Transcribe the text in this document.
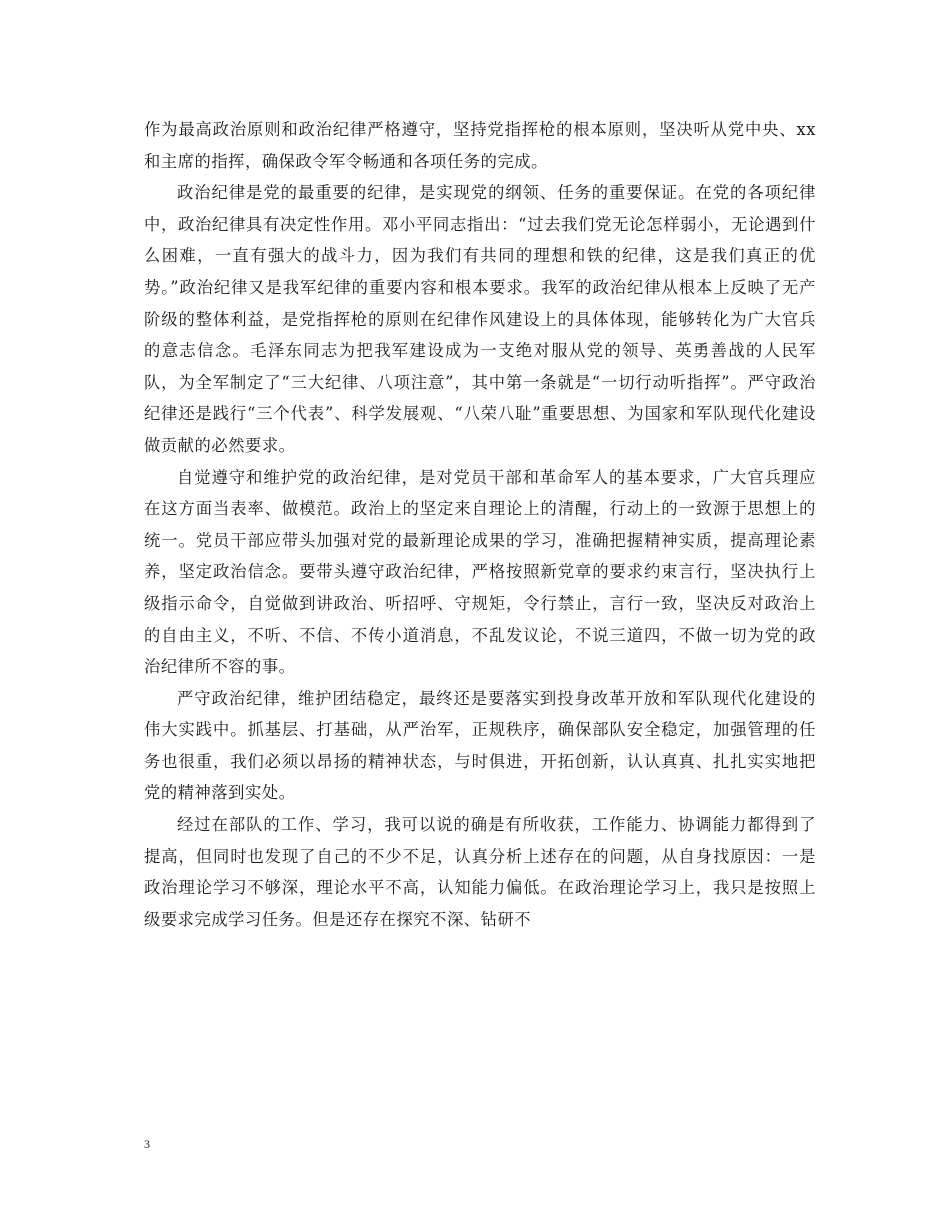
作为最高政治原则和政治纪律严格遵守，坚持党指挥枪的根本原则，坚决听从党中央、xx和主席的指挥，确保政令军令畅通和各项任务的完成。

政治纪律是党的最重要的纪律，是实现党的纲领、任务的重要保证。在党的各项纪律中，政治纪律具有决定性作用。邓小平同志指出：“过去我们党无论怎样弱小，无论遇到什么困难，一直有强大的战斗力，因为我们有共同的理想和铁的纪律，这是我们真正的优势。”政治纪律又是我军纪律的重要内容和根本要求。我军的政治纪律从根本上反映了无产阶级的整体利益，是党指挥枪的原则在纪律作风建设上的具体体现，能够转化为广大官兵的意志信念。毛泽东同志为把我军建设成为一支绝对服从党的领导、英勇善战的人民军队，为全军制定了“三大纪律、八项注意”，其中第一条就是“一切行动听指挥”。严守政治纪律还是践行“三个代表”、科学发展观、“八荣八耻”重要思想、为国家和军队现代化建设做贡献的必然要求。

自觉遵守和维护党的政治纪律，是对党员干部和革命军人的基本要求，广大官兵理应在这方面当表率、做模范。政治上的坚定来自理论上的清醒，行动上的一致源于思想上的统一。党员干部应带头加强对党的最新理论成果的学习，准确把握精神实质，提高理论素养，坚定政治信念。要带头遵守政治纪律，严格按照新党章的要求约束言行，坚决执行上级指示命令，自觉做到讲政治、听招呼、守规矩，令行禁止，言行一致，坚决反对政治上的自由主义，不听、不信、不传小道消息，不乱发议论，不说三道四，不做一切为党的政治纪律所不容的事。

严守政治纪律，维护团结稳定，最终还是要落实到投身改革开放和军队现代化建设的伟大实践中。抓基层、打基础，从严治军，正规秩序，确保部队安全稳定，加强管理的任务也很重，我们必须以昂扬的精神状态，与时俱进，开拓创新，认认真真、扎扎实实地把党的精神落到实处。

经过在部队的工作、学习，我可以说的确是有所收获，工作能力、协调能力都得到了提高，但同时也发现了自己的不少不足，认真分析上述存在的问题，从自身找原因：一是政治理论学习不够深，理论水平不高，认知能力偏低。在政治理论学习上，我只是按照上级要求完成学习任务。但是还存在探究不深、钻研不

3
